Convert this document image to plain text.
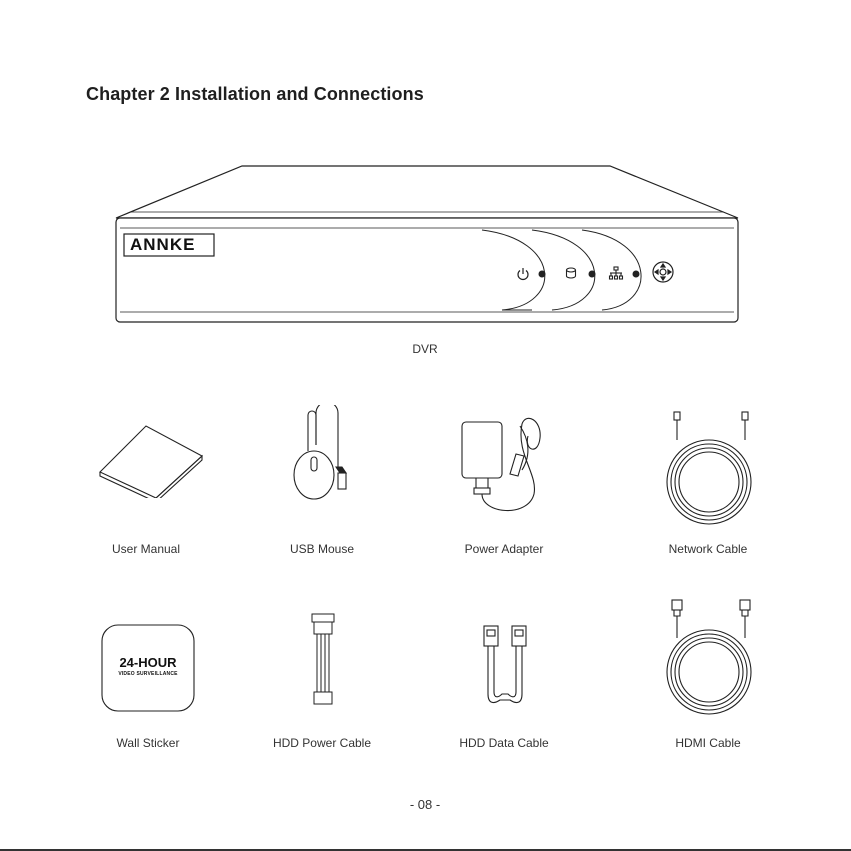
Chapter 2 Installation and Connections
ANNKE
DVR
User Manual	USB Mouse	Power Adapter	Network Cable
24-HOUR
VIDEO SURVEILLANCE
Wall Sticker	HDD Power Cable	HDD Data Cable	HDMI Cable
- 08 -
